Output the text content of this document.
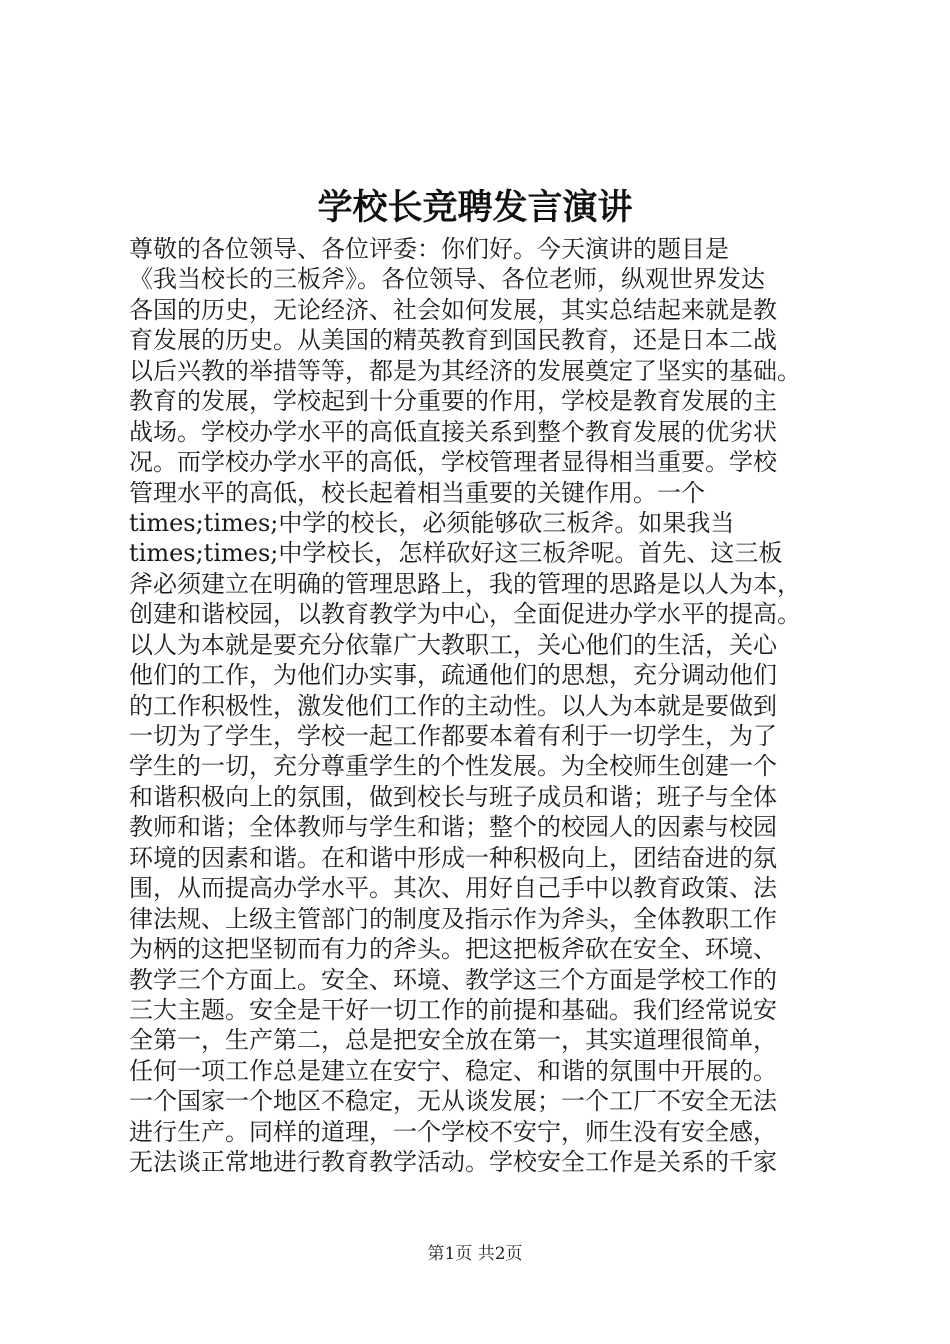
学校长竞聘发言演讲
尊敬的各位领导、各位评委：你们好。今天演讲的题目是
《我当校长的三板斧》。各位领导、各位老师，纵观世界发达
各国的历史，无论经济、社会如何发展，其实总结起来就是教
育发展的历史。从美国的精英教育到国民教育，还是日本二战
以后兴教的举措等等，都是为其经济的发展奠定了坚实的基础。
教育的发展，学校起到十分重要的作用，学校是教育发展的主
战场。学校办学水平的高低直接关系到整个教育发展的优劣状
况。而学校办学水平的高低，学校管理者显得相当重要。学校
管理水平的高低，校长起着相当重要的关键作用。一个
times;times;中学的校长，必须能够砍三板斧。如果我当
times;times;中学校长，怎样砍好这三板斧呢。首先、这三板
斧必须建立在明确的管理思路上，我的管理的思路是以人为本，
创建和谐校园，以教育教学为中心，全面促进办学水平的提高。
以人为本就是要充分依靠广大教职工，关心他们的生活，关心
他们的工作，为他们办实事，疏通他们的思想，充分调动他们
的工作积极性，激发他们工作的主动性。以人为本就是要做到
一切为了学生，学校一起工作都要本着有利于一切学生，为了
学生的一切，充分尊重学生的个性发展。为全校师生创建一个
和谐积极向上的氛围，做到校长与班子成员和谐；班子与全体
教师和谐；全体教师与学生和谐；整个的校园人的因素与校园
环境的因素和谐。在和谐中形成一种积极向上，团结奋进的氛
围，从而提高办学水平。其次、用好自己手中以教育政策、法
律法规、上级主管部门的制度及指示作为斧头，全体教职工作
为柄的这把坚韧而有力的斧头。把这把板斧砍在安全、环境、
教学三个方面上。安全、环境、教学这三个方面是学校工作的
三大主题。安全是干好一切工作的前提和基础。我们经常说安
全第一，生产第二，总是把安全放在第一，其实道理很简单，
任何一项工作总是建立在安宁、稳定、和谐的氛围中开展的。
一个国家一个地区不稳定，无从谈发展；一个工厂不安全无法
进行生产。同样的道理，一个学校不安宁，师生没有安全感，
无法谈正常地进行教育教学活动。学校安全工作是关系的千家
第1页 共2页
